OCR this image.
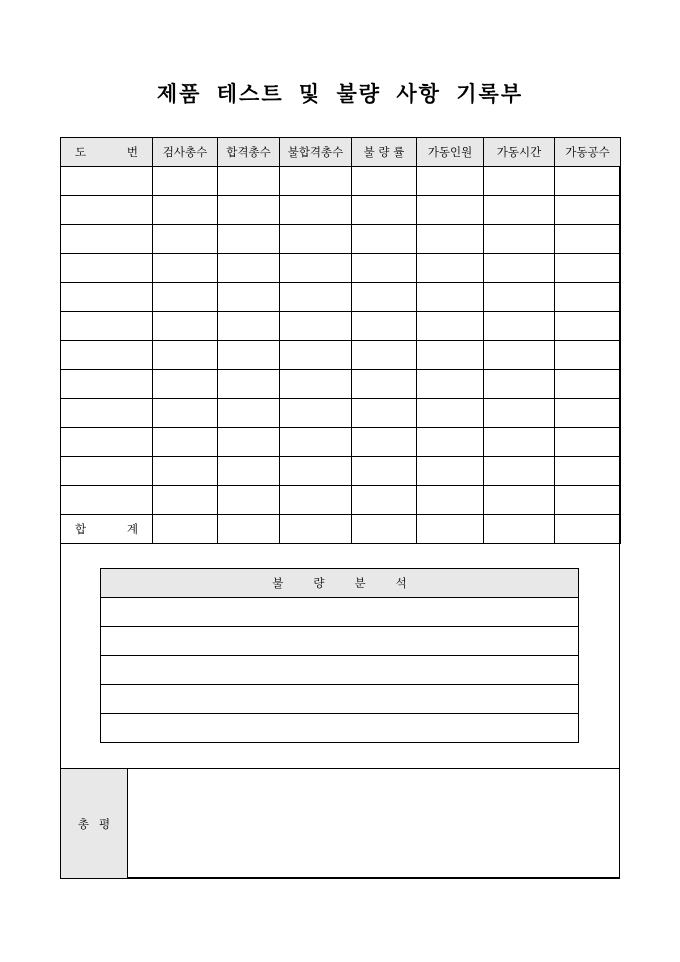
제품 테스트 및 불량 사항 기록부
도 번	검사총수	합격총수	불합격총수	불 량 률	가동인원	가동시간	가동공수

합 계							

불량분석

총평	
